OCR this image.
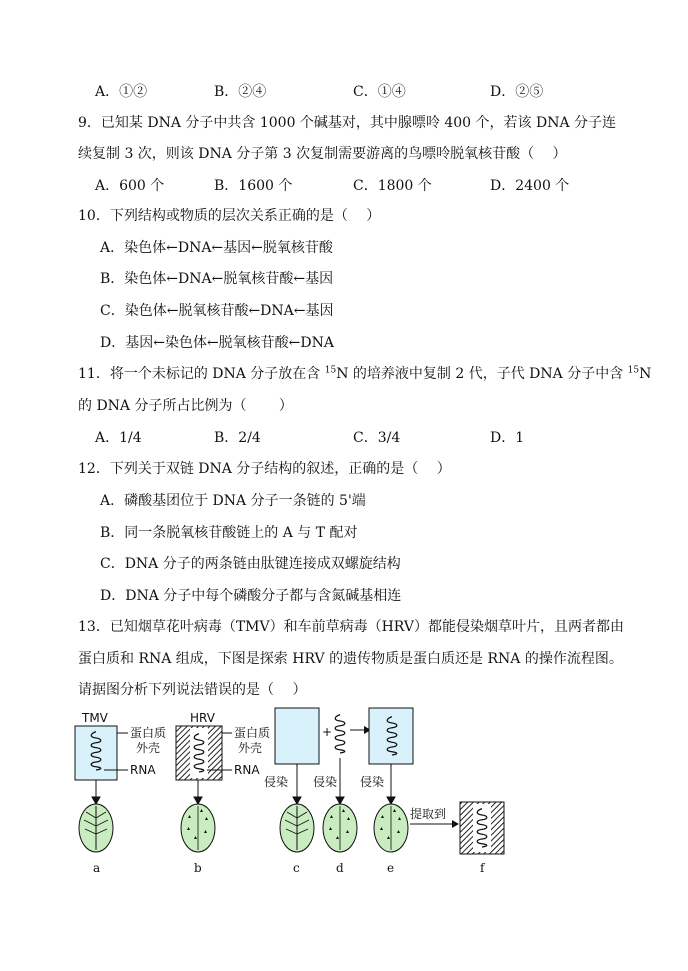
A．①②	B．②④	C．①④	D．②⑤
9．已知某 DNA 分子中共含 1000 个碱基对，其中腺嘌呤 400 个，若该 DNA 分子连
续复制 3 次，则该 DNA 分子第 3 次复制需要游离的鸟嘌呤脱氧核苷酸（　 ）
A．600 个	B．1600 个	C．1800 个	D．2400 个
10．下列结构或物质的层次关系正确的是（　 ）
A．染色体←DNA←基因←脱氧核苷酸
B．染色体←DNA←脱氧核苷酸←基因
C．染色体←脱氧核苷酸←DNA←基因
D．基因←染色体←脱氧核苷酸←DNA
11．将一个未标记的 DNA 分子放在含 $^{15}$N 的培养液中复制 2 代，子代 DNA 分子中含 $^{15}$N
的 DNA 分子所占比例为（　 　）
A．1/4	B．2/4	C．3/4	D．1
12．下列关于双链 DNA 分子结构的叙述，正确的是（　 ）
A．磷酸基团位于 DNA 分子一条链的 5'端
B．同一条脱氧核苷酸链上的 A 与 T 配对
C．DNA 分子的两条链由肽键连接成双螺旋结构
D．DNA 分子中每个磷酸分子都与含氮碱基相连
13．已知烟草花叶病毒（TMV）和车前草病毒（HRV）都能侵染烟草叶片，且两者都由
蛋白质和 RNA 组成，下图是探索 HRV 的遗传物质是蛋白质还是 RNA 的操作流程图。
请据图分析下列说法错误的是（　 ）
TMV
蛋白质
外壳
RNA
HRV
蛋白质
外壳
RNA
+
侵染 侵染 侵染
提取到
a	b	c	d	e	f
